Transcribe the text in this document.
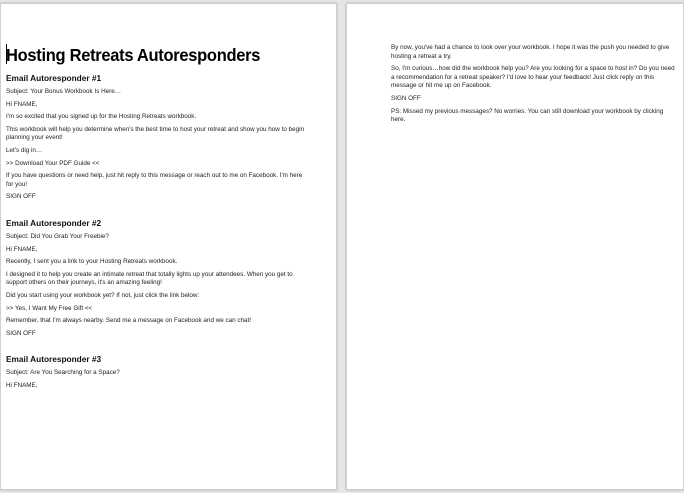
Hosting Retreats Autoresponders
Email Autoresponder #1

Subject: Your Bonus Workbook Is Here…

Hi FNAME,

I'm so excited that you signed up for the Hosting Retreats workbook.

This workbook will help you determine when's the best time to host your retreat and show you how to begin planning your event!

Let's dig in…

>> Download Your PDF Guide <<

If you have questions or need help, just hit reply to this message or reach out to me on Facebook. I'm here for you!

SIGN OFF

Email Autoresponder #2

Subject: Did You Grab Your Freebie?

Hi FNAME,

Recently, I sent you a link to your Hosting Retreats workbook.

I designed it to help you create an intimate retreat that totally lights up your attendees. When you get to support others on their journeys, it's an amazing feeling!

Did you start using your workbook yet? If not, just click the link below:

>> Yes, I Want My Free Gift <<

Remember, that I'm always nearby. Send me a message on Facebook and we can chat!

SIGN OFF

Email Autoresponder #3

Subject: Are You Searching for a Space?

Hi FNAME,

By now, you've had a chance to look over your workbook. I hope it was the push you needed to give hosting a retreat a try.

So, I'm curious…how did the workbook help you? Are you looking for a space to host in? Do you need a recommendation for a retreat speaker? I'd love to hear your feedback! Just click reply on this message or hit me up on Facebook.

SIGN OFF

PS: Missed my previous messages? No worries. You can still download your workbook by clicking here.
